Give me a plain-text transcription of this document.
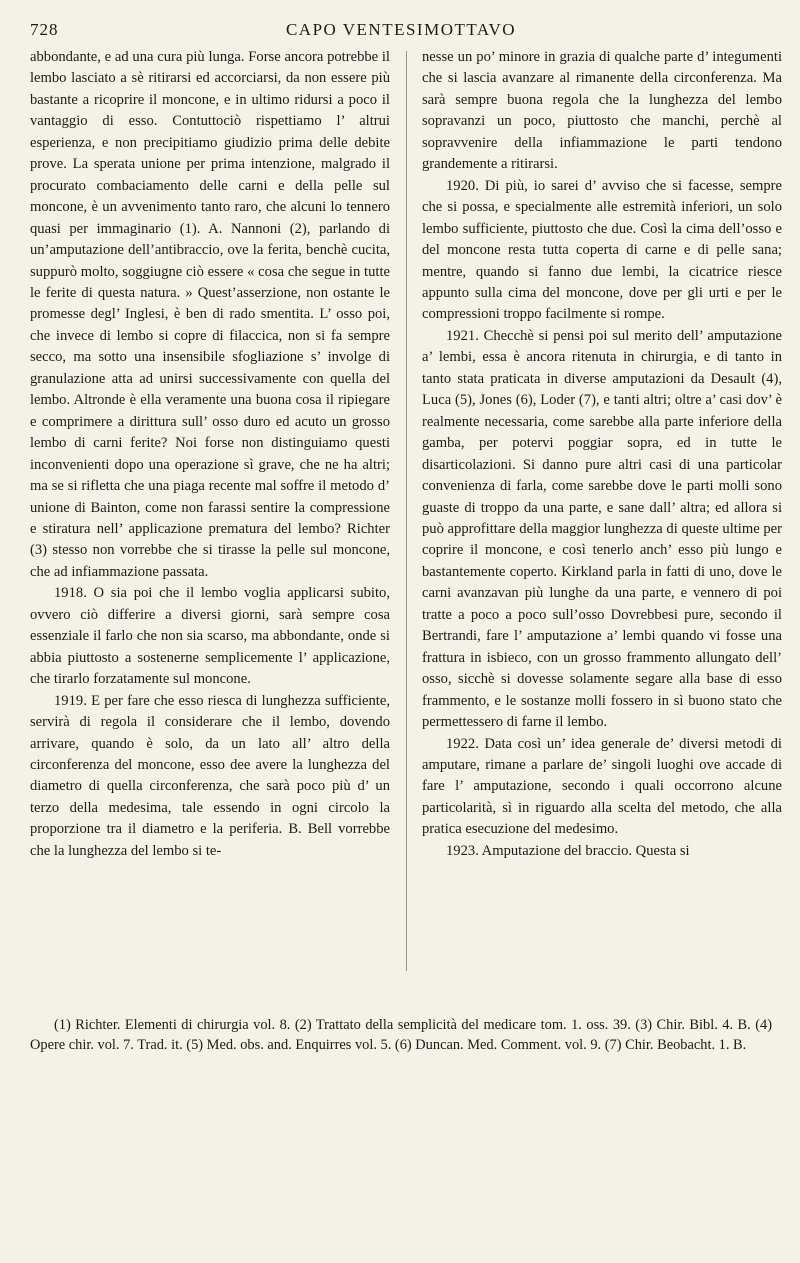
728	CAPO VENTESIMOTTAVO

abbondante, e ad una cura più lunga. Forse ancora potrebbe il lembo lasciato a sè ritirarsi ed accorciarsi, da non essere più bastante a ricoprire il moncone, e in ultimo ridursi a poco il vantaggio di esso. Contuttociò rispettiamo l’ altrui esperienza, e non precipitiamo giudizio prima delle debite prove. La sperata unione per prima intenzione, malgrado il procurato combaciamento delle carni e della pelle sul moncone, è un avvenimento tanto raro, che alcuni lo tennero quasi per immaginario (1). A. Nannoni (2), parlando di un’amputazione dell’antibraccio, ove la ferita, benchè cucita, suppurò molto, soggiugne ciò essere « cosa che segue in tutte le ferite di questa natura. » Quest’asserzione, non ostante le promesse degl’ Inglesi, è ben di rado smentita. L’ osso poi, che invece di lembo si copre di filaccica, non si fa sempre secco, ma sotto una insensibile sfogliazione s’ involge di granulazione atta ad unirsi successivamente con quella del lembo. Altronde è ella veramente una buona cosa il ripiegare e comprimere a dirittura sull’ osso duro ed acuto un grosso lembo di carni ferite? Noi forse non distinguiamo questi inconvenienti dopo una operazione sì grave, che ne ha altri; ma se si rifletta che una piaga recente mal soffre il metodo d’ unione di Bainton, come non farassi sentire la compressione e stiratura nell’ applicazione prematura del lembo? Richter (3) stesso non vorrebbe che si tirasse la pelle sul moncone, che ad infiammazione passata.

1918. O sia poi che il lembo voglia applicarsi subito, ovvero ciò differire a diversi giorni, sarà sempre cosa essenziale il farlo che non sia scarso, ma abbondante, onde si abbia piuttosto a sostenerne semplicemente l’ applicazione, che tirarlo forzatamente sul moncone.

1919. E per fare che esso riesca di lunghezza sufficiente, servirà di regola il considerare che il lembo, dovendo arrivare, quando è solo, da un lato all’ altro della circonferenza del moncone, esso dee avere la lunghezza del diametro di quella circonferenza, che sarà poco più d’ un terzo della medesima, tale essendo in ogni circolo la proporzione tra il diametro e la periferia. B. Bell vorrebbe che la lunghezza del lembo si te-

nesse un po’ minore in grazia di qualche parte d’ integumenti che si lascia avanzare al rimanente della circonferenza. Ma sarà sempre buona regola che la lunghezza del lembo sopravanzi un poco, piuttosto che manchi, perchè al sopravvenire della infiammazione le parti tendono grandemente a ritirarsi.

1920. Di più, io sarei d’ avviso che si facesse, sempre che si possa, e specialmente alle estremità inferiori, un solo lembo sufficiente, piuttosto che due. Così la cima dell’osso e del moncone resta tutta coperta di carne e di pelle sana; mentre, quando si fanno due lembi, la cicatrice riesce appunto sulla cima del moncone, dove per gli urti e per le compressioni troppo facilmente si rompe.

1921. Checchè si pensi poi sul merito dell’ amputazione a’ lembi, essa è ancora ritenuta in chirurgia, e di tanto in tanto stata praticata in diverse amputazioni da Desault (4), Luca (5), Jones (6), Loder (7), e tanti altri; oltre a’ casi dov’ è realmente necessaria, come sarebbe alla parte inferiore della gamba, per potervi poggiar sopra, ed in tutte le disarticolazioni. Si danno pure altri casi di una particolar convenienza di farla, come sarebbe dove le parti molli sono guaste di troppo da una parte, e sane dall’ altra; ed allora si può approfittare della maggior lunghezza di queste ultime per coprire il moncone, e così tenerlo anch’ esso più lungo e bastantemente coperto. Kirkland parla in fatti di uno, dove le carni avanzavan più lunghe da una parte, e vennero di poi tratte a poco a poco sull’osso Dovrebbesi pure, secondo il Bertrandi, fare l’ amputazione a’ lembi quando vi fosse una frattura in isbieco, con un grosso frammento allungato dell’ osso, sicchè si dovesse solamente segare alla base di esso frammento, e le sostanze molli fossero in sì buono stato che permettessero di farne il lembo.

1922. Data così un’ idea generale de’ diversi metodi di amputare, rimane a parlare de’ singoli luoghi ove accade di fare l’ amputazione, secondo i quali occorrono alcune particolarità, sì in riguardo alla scelta del metodo, che alla pratica esecuzione del medesimo.

1923. Amputazione del braccio. Questa si

(1) Richter. Elementi di chirurgia vol. 8. (2) Trattato della semplicità del medicare tom. 1. oss. 39. (3) Chir. Bibl. 4. B. (4) Opere chir. vol. 7. Trad. it. (5) Med. obs. and. Enquirres vol. 5. (6) Duncan. Med. Comment. vol. 9. (7) Chir. Beobacht. 1. B.
